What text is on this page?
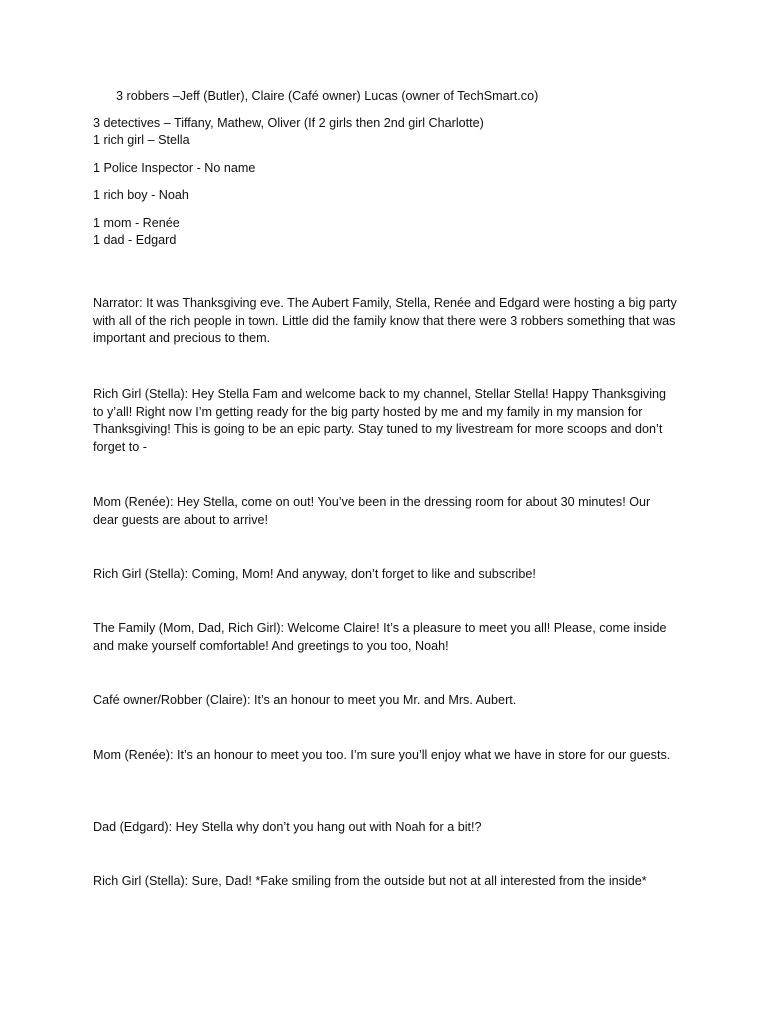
3 robbers –Jeff (Butler), Claire (Café owner) Lucas (owner of TechSmart.co)
3 detectives – Tiffany, Mathew, Oliver (If 2 girls then 2nd girl Charlotte)
1 rich girl – Stella
1 Police Inspector - No name
1 rich boy - Noah
1 mom - Renée
1 dad - Edgard
Narrator: It was Thanksgiving eve. The Aubert Family, Stella, Renée and Edgard were hosting a big party with all of the rich people in town. Little did the family know that there were 3 robbers something that was important and precious to them.
Rich Girl (Stella): Hey Stella Fam and welcome back to my channel, Stellar Stella! Happy Thanksgiving to y’all! Right now I’m getting ready for the big party hosted by me and my family in my mansion for Thanksgiving! This is going to be an epic party. Stay tuned to my livestream for more scoops and don’t forget to -
Mom (Renée): Hey Stella, come on out! You’ve been in the dressing room for about 30 minutes! Our dear guests are about to arrive!
Rich Girl (Stella): Coming, Mom! And anyway, don’t forget to like and subscribe!
The Family (Mom, Dad, Rich Girl): Welcome Claire! It’s a pleasure to meet you all! Please, come inside and make yourself comfortable! And greetings to you too, Noah!
Café owner/Robber (Claire): It’s an honour to meet you Mr. and Mrs. Aubert.
Mom (Renée): It’s an honour to meet you too. I’m sure you’ll enjoy what we have in store for our guests.
Dad (Edgard): Hey Stella why don’t you hang out with Noah for a bit!?
Rich Girl (Stella): Sure, Dad! *Fake smiling from the outside but not at all interested from the inside*
